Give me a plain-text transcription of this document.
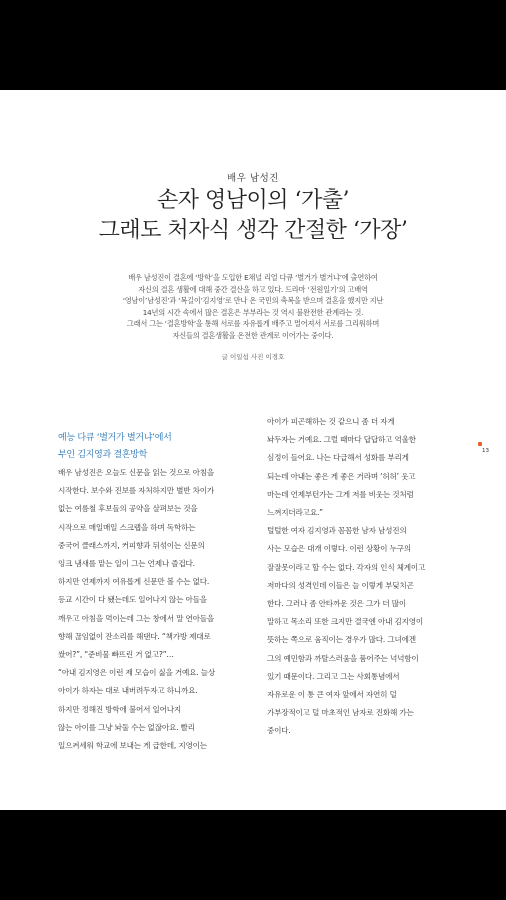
배우 남성진
손자 영남이의 ‘가출’
그래도 처자식 생각 간절한 ‘가장’
배우 남성진이 결혼에 ‘방학’을 도입한 E채널 리얼 다큐 ‘별거가 별거냐’에 출연하여
자신의 결혼 생활에 대해 중간 결산을 하고 있다. 드라마 ‘전원일기’의 고배역
‘영남이’남성진’과 ‘복길이’김지영’로 만나 온 국민의 축복을 받으며 결혼을 했지만 지난
14년의 시간 속에서 많은 결혼은 부부라는 것 역시 불완전한 관계라는 것.
그래서 그는 ‘결혼방학’을 통해 서로를 자유롭게 배주고 멀어져서 서로를 그리워하며
자신들의 결혼생활을 온전한 관계로 이어가는 중이다.
글 이일섭 사진 이경호
예능 다큐 ‘별거가 별거냐’에서
부인 김지영과 결혼방학
배우 남성진은 오늘도 신문을 읽는 것으로 아침을
시작한다. 보수와 진보를 자처하지만 별반 차이가
없는 여름철 후보들의 공약을 살펴보는 것을
시작으로 매일매일 스크랩을 하며 독학하는
중국어 클래스까지, 커피향과 뒤섞이는 신문의
잉크 냄새를 맡는 일이 그는 언제나 즐겁다.
하지만 언제까지 여유롭게 신문만 볼 수는 없다.
등교 시간이 다 됐는데도 일어나지 않는 아들을
깨우고 아침을 먹이는데 그는 창에서 말 연아들을
향해 끊임없이 잔소리를 해댄다. “책가방 제대로
쌌어?”, “준비물 빠뜨린 거 없고?”…
“아내 김지영은 이런 제 모습이 싫을 거예요. 늘상
아이가 하자는 대로 내버려두자고 하니까요.
하지만 정해진 방학에 불어서 일어나지
않는 아이를 그냥 놔둘 수는 없잖아요. 빨리
일으켜세워 학교에 보내는 게 급한데, 지영이는
아이가 피곤해하는 것 같으니 좀 더 자게
놔두자는 거예요. 그럴 때마다 답답하고 억울한
심정이 들어요. 나는 다급해서 성화를 부리게
되는데 아내는 좋은 게 좋은 거라며 ‘허허’ 웃고
마는데 언제부턴가는 그게 저를 비웃는 것처럼
느껴지더라고요.”
털털한 여자 김지영과 꼼꼼한 남자 남성진의
사는 모습은 대개 이렇다. 이런 상황이 누구의
잘잘못이라고 할 수는 없다. 각자의 인식 체계이고
저마다의 성격인데 이들은 늘 이렇게 부딪치곤
한다. 그러나 좀 안타까운 것은 그가 더 많이
말하고 목소리 또한 크지만 결국엔 아내 김지영이
뜻하는 쪽으로 움직이는 경우가 많다. 그녀에겐
그의 예민함과 까탈스러움을 품어주는 넉넉함이
있기 때문이다. 그리고 그는 사회통념에서
자유로운 이 통 큰 여자 앞에서 자연히 덜
가부장적이고 덜 마초적인 남자로 진화해 가는
중이다.
13
